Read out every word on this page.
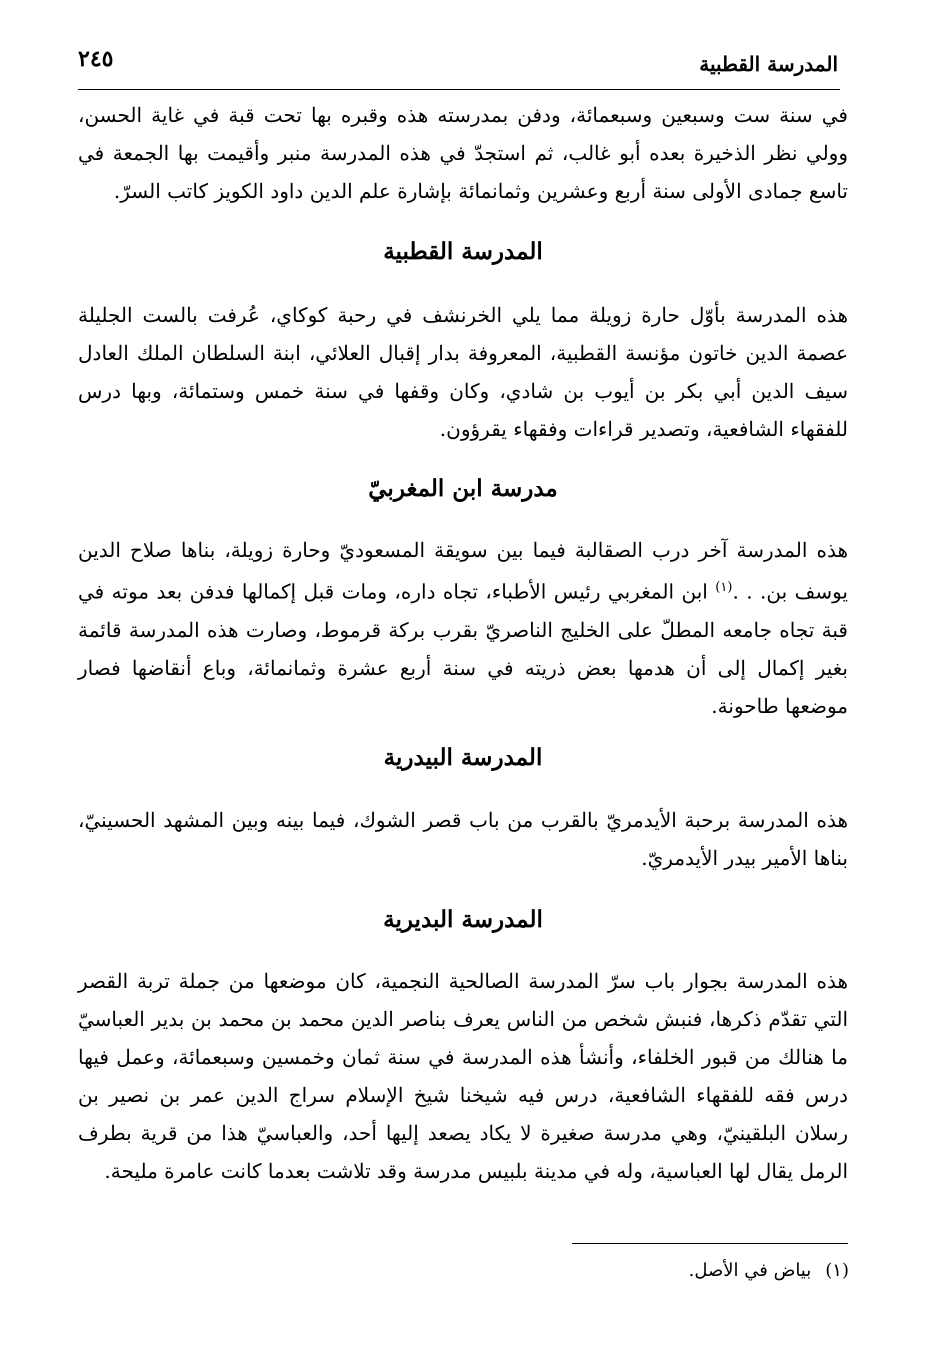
المدرسة القطبية
٢٤٥

في سنة ست وسبعين وسبعمائة، ودفن بمدرسته هذه وقبره بها تحت قبة في غاية الحسن، وولي نظر الذخيرة بعده أبو غالب، ثم استجدّ في هذه المدرسة منبر وأقيمت بها الجمعة في تاسع جمادى الأولى سنة أربع وعشرين وثمانمائة بإشارة علم الدين داود الكويز كاتب السرّ.

المدرسة القطبية

هذه المدرسة بأوّل حارة زويلة مما يلي الخرنشف في رحبة كوكاي، عُرفت بالست الجليلة عصمة الدين خاتون مؤنسة القطبية، المعروفة بدار إقبال العلائي، ابنة السلطان الملك العادل سيف الدين أبي بكر بن أيوب بن شادي، وكان وقفها في سنة خمس وستمائة، وبها درس للفقهاء الشافعية، وتصدير قراءات وفقهاء يقرؤون.

مدرسة ابن المغربيّ

هذه المدرسة آخر درب الصقالبة فيما بين سويقة المسعوديّ وحارة زويلة، بناها صلاح الدين يوسف بن. . .$^{(١)}$ ابن المغربي رئيس الأطباء، تجاه داره، ومات قبل إكمالها فدفن بعد موته في قبة تجاه جامعه المطلّ على الخليج الناصريّ بقرب بركة قرموط، وصارت هذه المدرسة قائمة بغير إكمال إلى أن هدمها بعض ذريته في سنة أربع عشرة وثمانمائة، وباع أنقاضها فصار موضعها طاحونة.

المدرسة البيدرية

هذه المدرسة برحبة الأيدمريّ بالقرب من باب قصر الشوك، فيما بينه وبين المشهد الحسينيّ، بناها الأمير بيدر الأيدمريّ.

المدرسة البديرية

هذه المدرسة بجوار باب سرّ المدرسة الصالحية النجمية، كان موضعها من جملة تربة القصر التي تقدّم ذكرها، فنبش شخص من الناس يعرف بناصر الدين محمد بن محمد بن بدير العباسيّ ما هنالك من قبور الخلفاء، وأنشأ هذه المدرسة في سنة ثمان وخمسين وسبعمائة، وعمل فيها درس فقه للفقهاء الشافعية، درس فيه شيخنا شيخ الإسلام سراج الدين عمر بن نصير بن رسلان البلقينيّ، وهي مدرسة صغيرة لا يكاد يصعد إليها أحد، والعباسيّ هذا من قرية بطرف الرمل يقال لها العباسية، وله في مدينة بلبيس مدرسة وقد تلاشت بعدما كانت عامرة مليحة.

(١)بياض في الأصل.
